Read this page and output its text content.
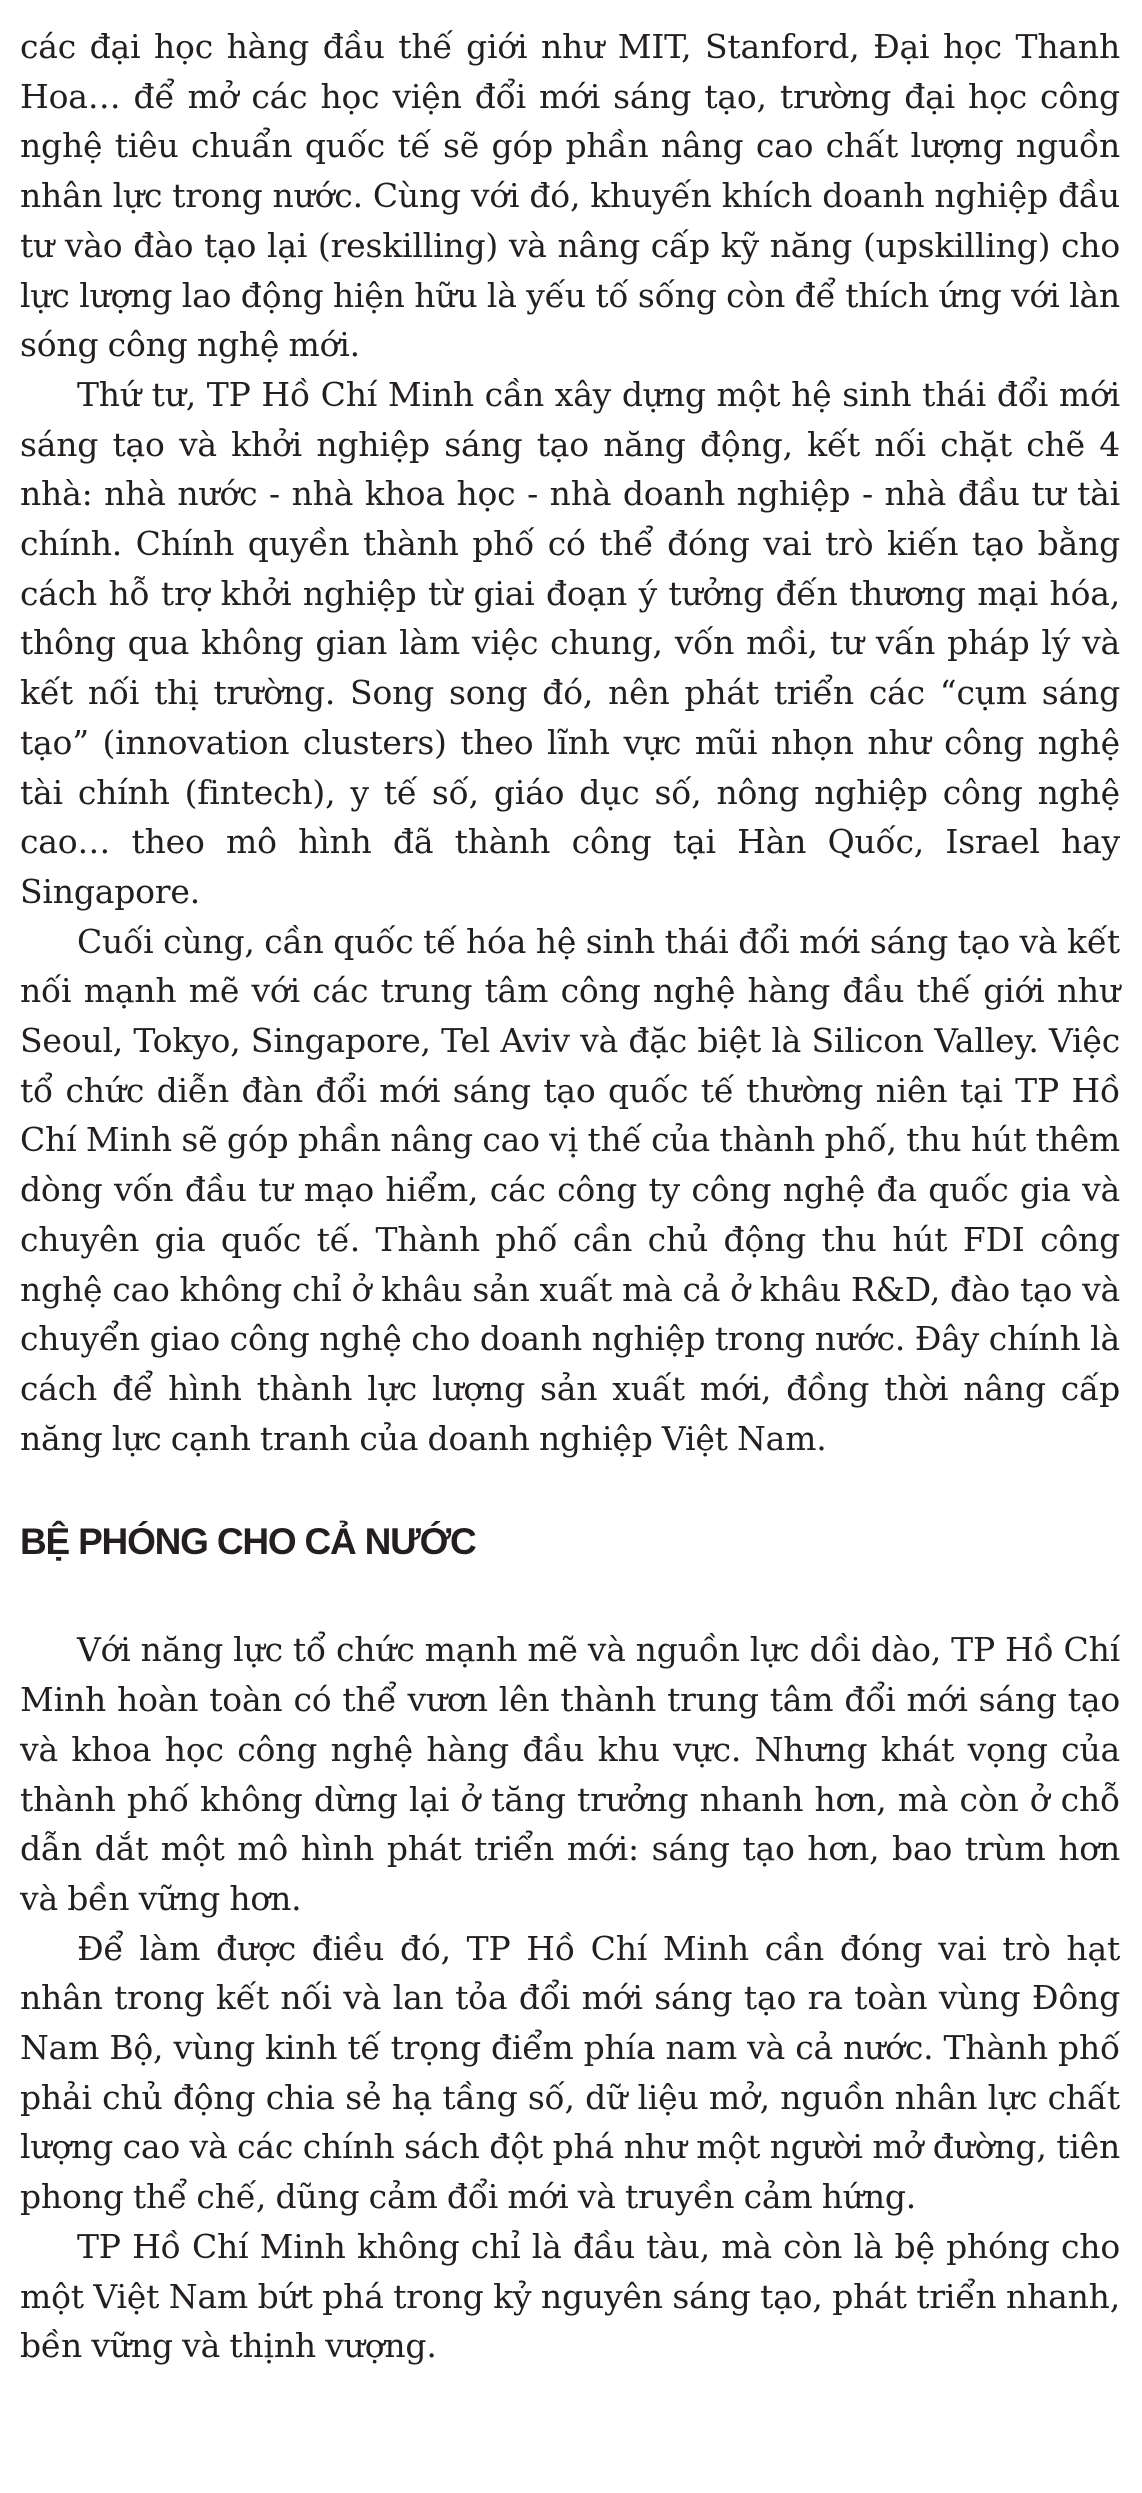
các đại học hàng đầu thế giới như MIT, Stanford, Đại học Thanh Hoa… để mở các học viện đổi mới sáng tạo, trường đại học công nghệ tiêu chuẩn quốc tế sẽ góp phần nâng cao chất lượng nguồn nhân lực trong nước. Cùng với đó, khuyến khích doanh nghiệp đầu tư vào đào tạo lại (reskilling) và nâng cấp kỹ năng (upskilling) cho lực lượng lao động hiện hữu là yếu tố sống còn để thích ứng với làn sóng công nghệ mới.

Thứ tư, TP Hồ Chí Minh cần xây dựng một hệ sinh thái đổi mới sáng tạo và khởi nghiệp sáng tạo năng động, kết nối chặt chẽ 4 nhà: nhà nước - nhà khoa học - nhà doanh nghiệp - nhà đầu tư tài chính. Chính quyền thành phố có thể đóng vai trò kiến tạo bằng cách hỗ trợ khởi nghiệp từ giai đoạn ý tưởng đến thương mại hóa, thông qua không gian làm việc chung, vốn mồi, tư vấn pháp lý và kết nối thị trường. Song song đó, nên phát triển các “cụm sáng tạo” (innovation clusters) theo lĩnh vực mũi nhọn như công nghệ tài chính (fintech), y tế số, giáo dục số, nông nghiệp công nghệ cao… theo mô hình đã thành công tại Hàn Quốc, Israel hay Singapore.

Cuối cùng, cần quốc tế hóa hệ sinh thái đổi mới sáng tạo và kết nối mạnh mẽ với các trung tâm công nghệ hàng đầu thế giới như Seoul, Tokyo, Singapore, Tel Aviv và đặc biệt là Silicon Valley. Việc tổ chức diễn đàn đổi mới sáng tạo quốc tế thường niên tại TP Hồ Chí Minh sẽ góp phần nâng cao vị thế của thành phố, thu hút thêm dòng vốn đầu tư mạo hiểm, các công ty công nghệ đa quốc gia và chuyên gia quốc tế. Thành phố cần chủ động thu hút FDI công nghệ cao không chỉ ở khâu sản xuất mà cả ở khâu R&D, đào tạo và chuyển giao công nghệ cho doanh nghiệp trong nước. Đây chính là cách để hình thành lực lượng sản xuất mới, đồng thời nâng cấp năng lực cạnh tranh của doanh nghiệp Việt Nam.

BỆ PHÓNG CHO CẢ NƯỚC

Với năng lực tổ chức mạnh mẽ và nguồn lực dồi dào, TP Hồ Chí Minh hoàn toàn có thể vươn lên thành trung tâm đổi mới sáng tạo và khoa học công nghệ hàng đầu khu vực. Nhưng khát vọng của thành phố không dừng lại ở tăng trưởng nhanh hơn, mà còn ở chỗ dẫn dắt một mô hình phát triển mới: sáng tạo hơn, bao trùm hơn và bền vững hơn.

Để làm được điều đó, TP Hồ Chí Minh cần đóng vai trò hạt nhân trong kết nối và lan tỏa đổi mới sáng tạo ra toàn vùng Đông Nam Bộ, vùng kinh tế trọng điểm phía nam và cả nước. Thành phố phải chủ động chia sẻ hạ tầng số, dữ liệu mở, nguồn nhân lực chất lượng cao và các chính sách đột phá như một người mở đường, tiên phong thể chế, dũng cảm đổi mới và truyền cảm hứng.

TP Hồ Chí Minh không chỉ là đầu tàu, mà còn là bệ phóng cho một Việt Nam bứt phá trong kỷ nguyên sáng tạo, phát triển nhanh, bền vững và thịnh vượng.
